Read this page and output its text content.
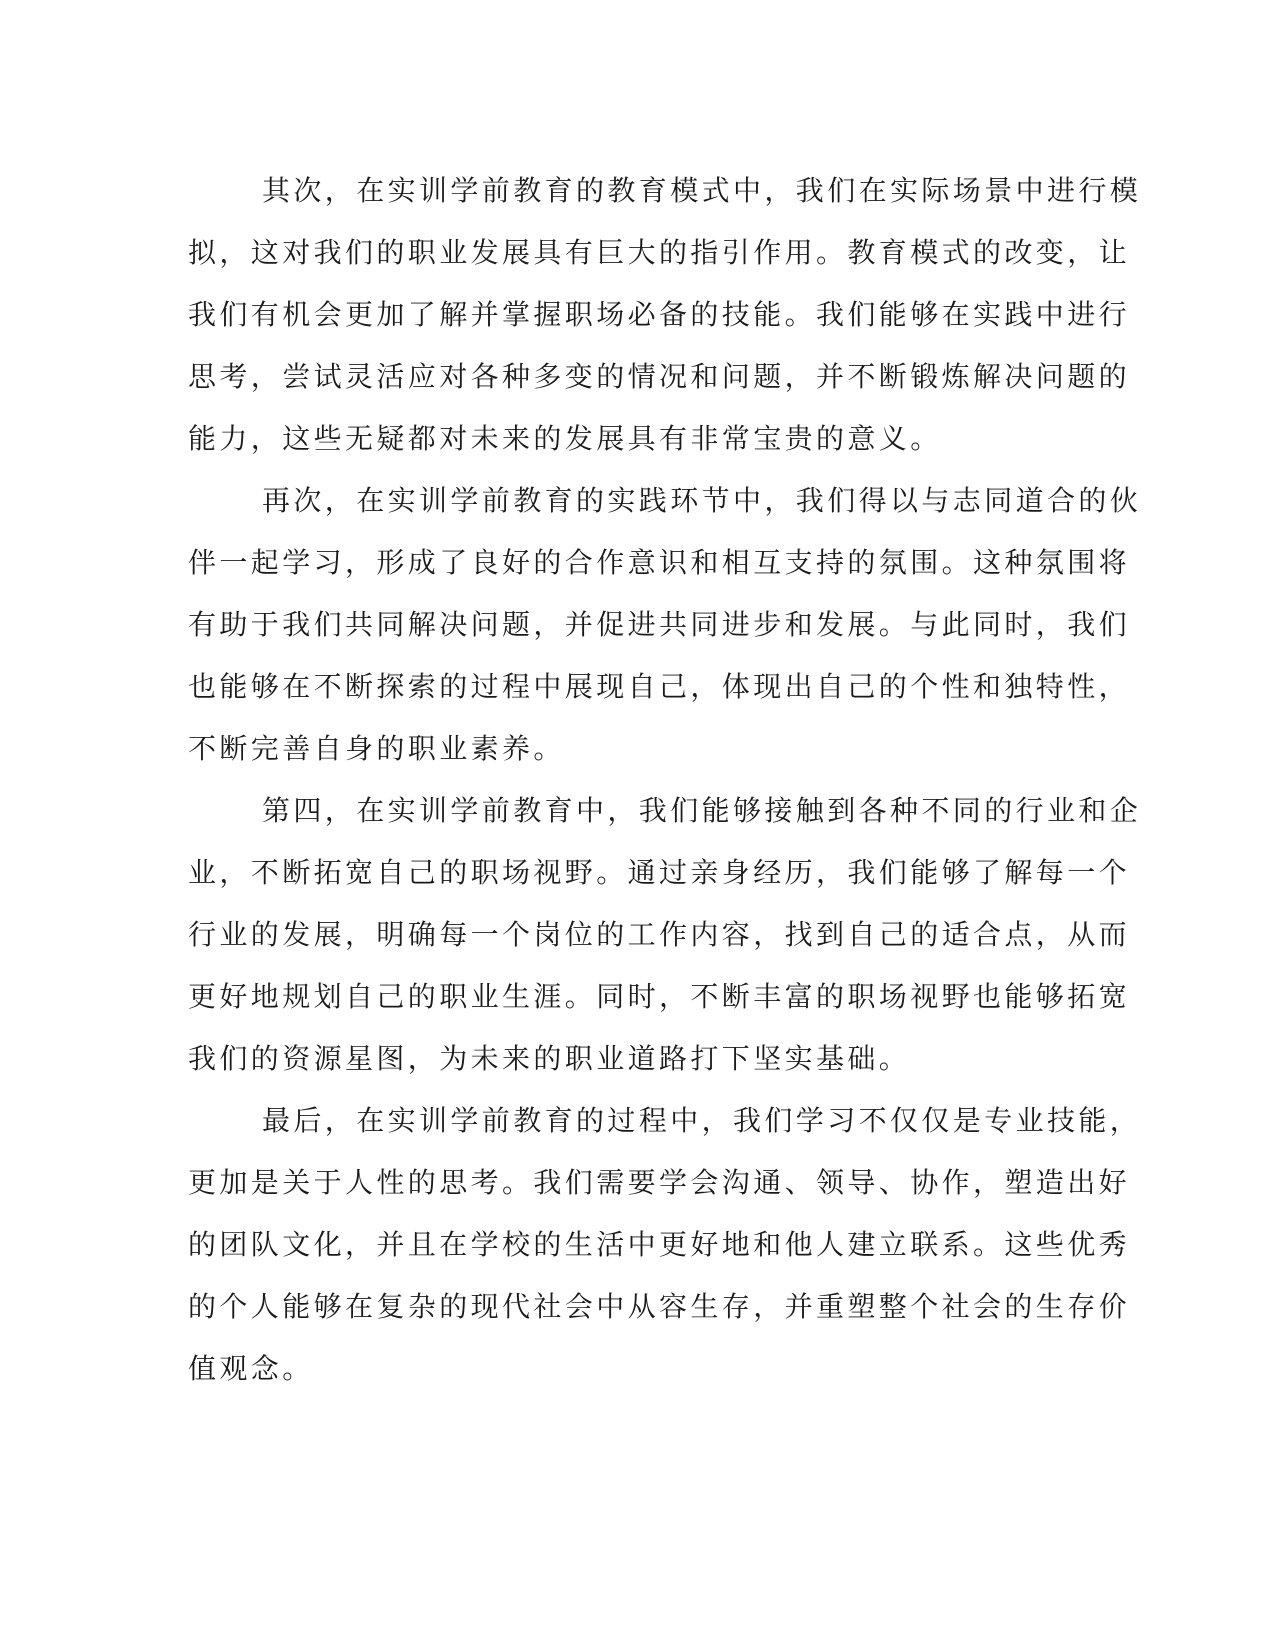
其次，在实训学前教育的教育模式中，我们在实际场景中进行模
拟，这对我们的职业发展具有巨大的指引作用。教育模式的改变，让
我们有机会更加了解并掌握职场必备的技能。我们能够在实践中进行
思考，尝试灵活应对各种多变的情况和问题，并不断锻炼解决问题的
能力，这些无疑都对未来的发展具有非常宝贵的意义。
再次，在实训学前教育的实践环节中，我们得以与志同道合的伙
伴一起学习，形成了良好的合作意识和相互支持的氛围。这种氛围将
有助于我们共同解决问题，并促进共同进步和发展。与此同时，我们
也能够在不断探索的过程中展现自己，体现出自己的个性和独特性，
不断完善自身的职业素养。
第四，在实训学前教育中，我们能够接触到各种不同的行业和企
业，不断拓宽自己的职场视野。通过亲身经历，我们能够了解每一个
行业的发展，明确每一个岗位的工作内容，找到自己的适合点，从而
更好地规划自己的职业生涯。同时，不断丰富的职场视野也能够拓宽
我们的资源星图，为未来的职业道路打下坚实基础。
最后，在实训学前教育的过程中，我们学习不仅仅是专业技能，
更加是关于人性的思考。我们需要学会沟通、领导、协作，塑造出好
的团队文化，并且在学校的生活中更好地和他人建立联系。这些优秀
的个人能够在复杂的现代社会中从容生存，并重塑整个社会的生存价
值观念。
